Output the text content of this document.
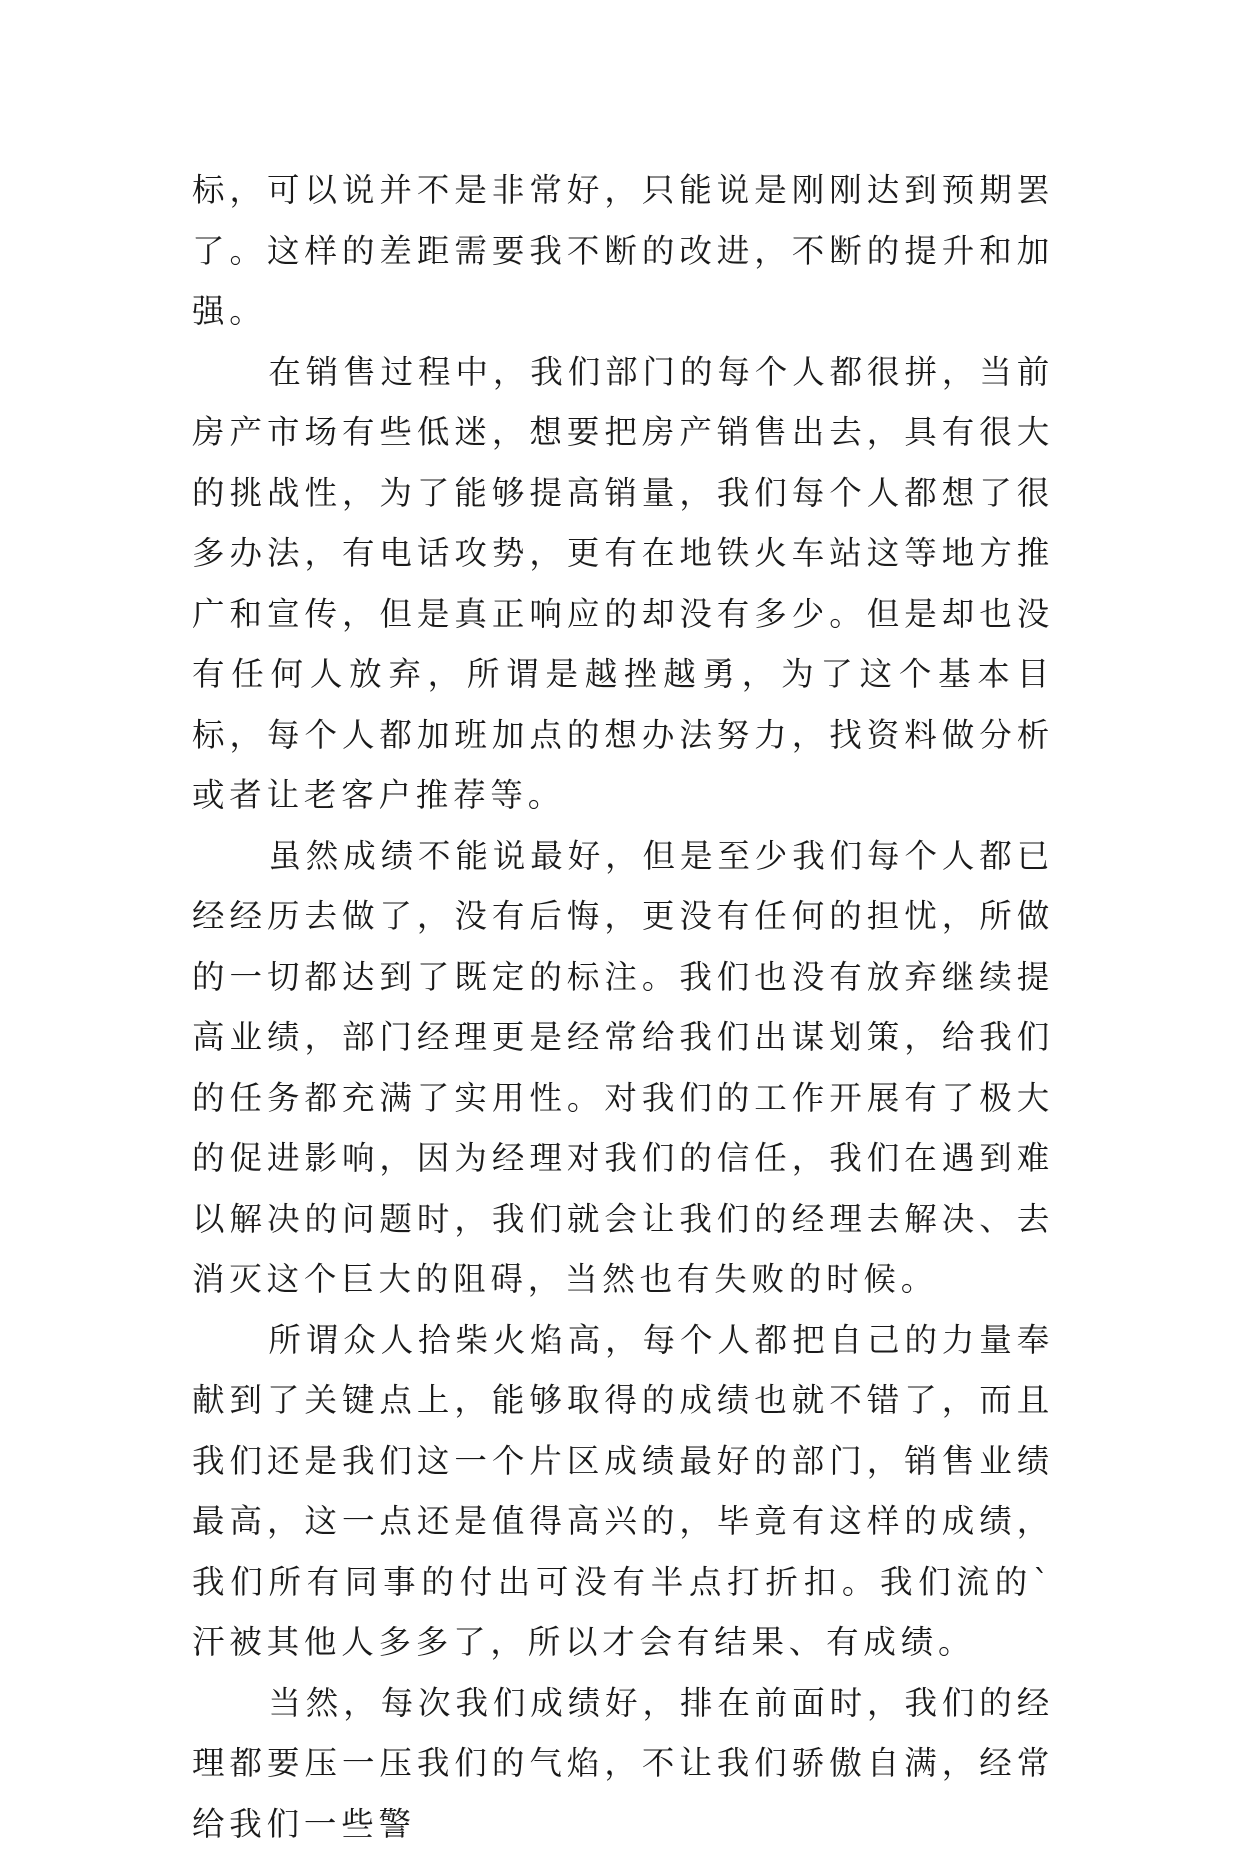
标，可以说并不是非常好，只能说是刚刚达到预期罢了。这样的差距需要我不断的改进，不断的提升和加强。

在销售过程中，我们部门的每个人都很拼，当前房产市场有些低迷，想要把房产销售出去，具有很大的挑战性，为了能够提高销量，我们每个人都想了很多办法，有电话攻势，更有在地铁火车站这等地方推广和宣传，但是真正响应的却没有多少。但是却也没有任何人放弃，所谓是越挫越勇，为了这个基本目标，每个人都加班加点的想办法努力，找资料做分析或者让老客户推荐等。

虽然成绩不能说最好，但是至少我们每个人都已经经历去做了，没有后悔，更没有任何的担忧，所做的一切都达到了既定的标注。我们也没有放弃继续提高业绩，部门经理更是经常给我们出谋划策，给我们的任务都充满了实用性。对我们的工作开展有了极大的促进影响，因为经理对我们的信任，我们在遇到难以解决的问题时，我们就会让我们的经理去解决、去消灭这个巨大的阻碍，当然也有失败的时候。

所谓众人拾柴火焰高，每个人都把自己的力量奉献到了关键点上，能够取得的成绩也就不错了，而且我们还是我们这一个片区成绩最好的部门，销售业绩最高，这一点还是值得高兴的，毕竟有这样的成绩，我们所有同事的付出可没有半点打折扣。我们流的`汗被其他人多多了，所以才会有结果、有成绩。

当然，每次我们成绩好，排在前面时，我们的经理都要压一压我们的气焰，不让我们骄傲自满，经常给我们一些警
